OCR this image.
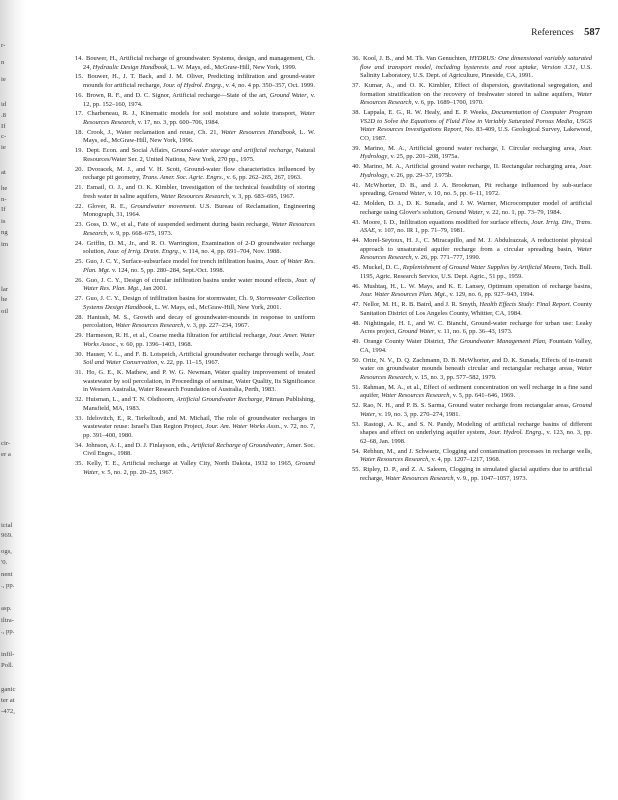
r-
n
ie
id
.8
If
c-
ie
at
he
n-
If
is
ng
im
lar
he
oil
cir-
er a
icial
969.
ogs,
'0.
nent
., pp.
asp.
iltra-
., pp.
infil-
Poll.
ganic
ter at
-472,
References 587

14. Bouwer, H., Artificial recharge of groundwater: Systems, design, and management, Ch. 24, Hydraulic Design Handbook, L. W. Mays, ed., McGraw-Hill, New York, 1999.

15. Bouwer, H., J. T. Back, and J. M. Oliver, Predicting infiltration and ground-water mounds for artificial recharge, Jour. of Hydrol. Engrg., v. 4, no. 4 pp. 350–357, Oct. 1999.

16. Brown, R. F., and D. C. Signor, Artificial recharge—State of the art, Ground Water, v. 12, pp. 152–160, 1974.

17. Charbeneau, R. J., Kinematic models for soil moisture and solute transport, Water Resources Research, v. 17, no. 3, pp. 600–706, 1984.

18. Crook, J., Water reclamation and reuse, Ch. 21, Water Resources Handbook, L. W. Mays, ed., McGraw-Hill, New York, 1996.

19. Dept. Econ. and Social Affairs, Ground-water storage and artificial recharge, Natural Resources/Water Ser. 2, United Nations, New York, 270 pp., 1975.

20. Dvoracek, M. J., and V. H. Scott, Ground-water flow characteristics influenced by recharge pit geometry, Trans. Amer. Soc. Agric. Engrs., v. 6, pp. 262–265, 267, 1963.

21. Esmail, O. J., and O. K. Kimbler, Investigation of the technical feasibility of storing fresh water in saline aquifers, Water Resources Research, v. 3, pp. 683–695, 1967.

22. Glover, R. E., Groundwater movement. U.S. Bureau of Reclamation, Engineering Monograph, 31, 1964.

23. Goss, D. W., et al., Fate of suspended sediment during basin recharge, Water Resources Research, v. 9, pp. 668–675, 1973.

24. Griffin, D. M., Jr., and R. O. Warrington, Examination of 2-D groundwater recharge solution, Jour. of Irrig. Drain. Engrg., v. 114, no. 4, pp. 691–704, Nov. 1988.

25. Guo, J. C. Y., Surface-subsurface model for trench infiltration basins, Jour. of Water Res. Plan. Mgt. v. 124, no. 5, pp. 280–284, Sept./Oct. 1998.

26. Guo, J. C. Y., Design of circular infiltration basins under water mound effects, Jour. of Water Res. Plan. Mgt., Jan 2001.

27. Guo, J. C. Y., Design of infiltration basins for stormwater, Ch. 9, Stormwater Collection Systems Design Handbook, L. W. Mays, ed., McGraw-Hill, New York, 2001.

28. Hantush, M. S., Growth and decay of groundwater-mounds in response to uniform percolation, Water Resources Research, v. 3, pp. 227–234, 1967.

29. Harmeson, R. H., et al., Coarse media filtration for artificial recharge, Jour. Amer. Water Works Assoc., v. 60, pp. 1396–1403, 1968.

30. Hauser, V. L., and F. B. Lotspeich, Artificial groundwater recharge through wells, Jour. Soil and Water Conservation, v. 22, pp. 11–15, 1967.

31. Ho, G. E., K. Mathew, and P. W. G. Newman, Water quality improvement of treated wastewater by soil percolation, in Proceedings of seminar, Water Quality, Its Significance in Western Australia, Water Research Foundation of Australia, Perth, 1983.

32. Huisman, L., and T. N. Olsthoorn, Artificial Groundwater Recharge, Pitman Publishing, Mansfield, MA, 1983.

33. Idelovitch, E., R. Terkeltoub, and M. Michail, The role of groundwater recharges in wastewater reuse: Israel's Dan Region Project, Jour. Am. Water Works Assn., v. 72, no. 7, pp. 391–400, 1980.

34. Johnson, A. I., and D. J. Finlayson, eds., Artificial Recharge of Groundwater, Amer. Soc. Civil Engrs., 1988.

35. Kelly, T. E., Artificial recharge at Valley City, North Dakota, 1932 to 1965, Ground Water, v. 5, no. 2, pp. 20–25, 1967.

36. Kool, J. B., and M. Th. Van Genuchten, HYDRUS: One dimensional variably saturated flow and transport model, including hysteresis and root uptake, Version 3.31, U.S. Salinity Laboratory, U.S. Dept. of Agriculture, Pineside, CA, 1991.

37. Kumar, A., and O. K. Kimbler, Effect of dispersion, gravitational segregation, and formation stratification on the recovery of freshwater stored in saline aquifers, Water Resources Research, v. 6, pp. 1689–1700, 1970.

38. Lappala, E. G., R. W. Healy, and E. P. Weeks, Documentation of Computer Program VS2D to Solve the Equations of Fluid Flow in Variably Saturated Porous Media, USGS Water Resources Investigations Report, No. 83-409, U.S. Geological Survey, Lakewood, CO, 1987.

39. Marino, M. A., Artificial ground water recharge, I. Circular recharging area, Jour. Hydrology, v. 25, pp. 201–208, 1975a.

40. Marino, M. A., Artificial ground water recharge, II. Rectangular recharging area, Jour. Hydrology, v. 26, pp. 29–37, 1975b.

41. McWhorter, D. B., and J. A. Brookman, Pit recharge influenced by sub-surface spreading, Ground Water, v. 10, no. 5, pp. 6–11, 1972.

42. Molden, D. J., D. K. Sunada, and J. W. Warner, Microcomputer model of artificial recharge using Glover's solution, Ground Water, v. 22, no. 1, pp. 73–79, 1984.

43. Moore, I. D., Infiltration equations modified for surface effects, Jour. Irrig. Div., Trans. ASAE, v. 107, no. IR 1, pp. 71–79, 1981.

44. Morel-Seytoux, H. J., C. Miracapillo, and M. J. Abdulrazzak, A reductionist physical approach to unsaturated aquifer recharge from a circular spreading basin, Water Resources Research, v. 26, pp. 771–777, 1990.

45. Muckel, D. C., Replenishment of Ground Water Supplies by Artificial Means, Tech. Bull. 1195, Agric. Research Service, U.S. Dept. Agric., 51 pp., 1959.

46. Mushtaq, H., L. W. Mays, and K. E. Lansey, Optimum operation of recharge basins, Jour. Water Resources Plan. Mgt., v. 129, no. 6, pp. 927–943, 1994.

47. Nellor, M. H., R. B. Baird, and J. R. Smyth, Health Effects Study: Final Report. County Sanitation District of Los Angeles County, Whittier, CA, 1984.

48. Nightingale, H. I., and W. C. Bianchi, Ground-water recharge for urban use: Leaky Acres project, Ground Water, v. 11, no. 6, pp. 36–43, 1973.

49. Orange County Water District, The Groundwater Management Plan, Fountain Valley, CA, 1994.

50. Ortiz, N. V., D. Q. Zachmann, D. B. McWhorter, and D. K. Sunada, Effects of in-transit water on groundwater mounds beneath circular and rectangular recharge areas, Water Resources Research, v. 15, no. 3, pp. 577–582, 1979.

51. Rahman, M. A., et al., Effect of sediment concentration on well recharge in a fine sand aquifer, Water Resources Research, v. 5, pp. 641–646, 1969.

52. Rao, N. H., and P. B. S. Sarma, Ground water recharge from rectangular areas, Ground Water, v. 19, no. 3, pp. 270–274, 1981.

53. Rastogi, A. K., and S. N. Pandy, Modeling of artificial recharge basins of different shapes and effect on underlying aquifer system, Jour. Hydrol. Engrg., v. 123, no. 3, pp. 62–68, Jan. 1998.

54. Rebhun, M., and J. Schwartz, Clogging and contamination processes in recharge wells, Water Resources Research, v. 4, pp. 1207–1217, 1968.

55. Ripley, D. P., and Z. A. Saleem, Clogging in simulated glacial aquifers due to artificial recharge, Water Resources Research, v. 9., pp. 1047–1057, 1973.
